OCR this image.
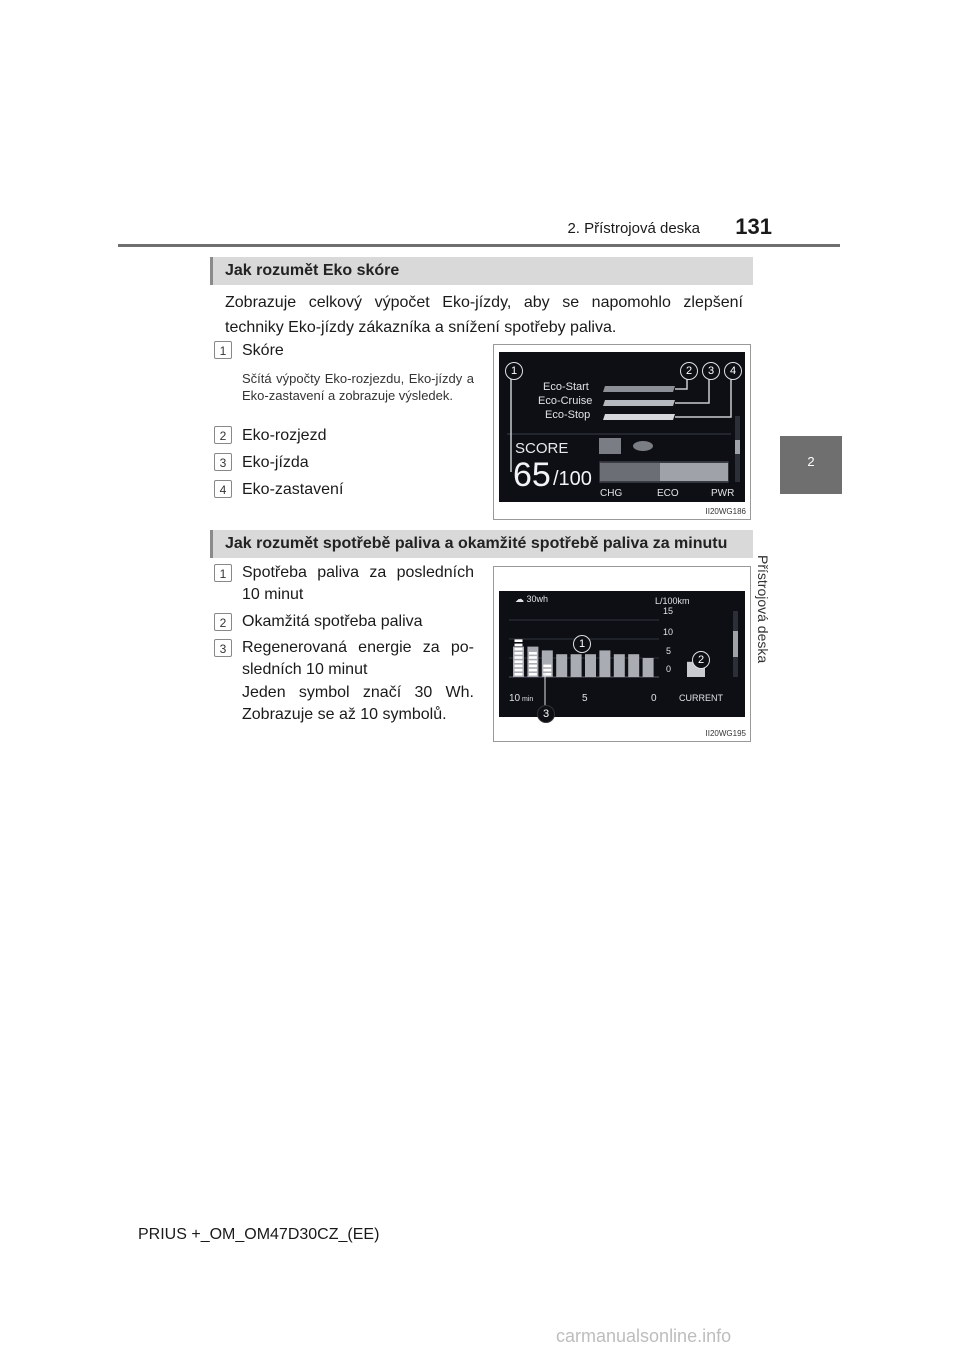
2. Přístrojová deska	131
2
Přístrojová deska
Jak rozumět Eko skóre
Zobrazuje celkový výpočet Eko-jízdy, aby se napomohlo zlepšení techniky Eko-jízdy zákazníka a snížení spotřeby paliva.
1 Skóre
Sčítá výpočty Eko-rozjezdu, Eko-jízdy a Eko-zastavení a zobrazuje výsledek.
2 Eko-rozjezd
3 Eko-jízda
4 Eko-zastavení
Eco-Start
Eco-Cruise
Eco-Stop
SCORE
65 /100
CHG	ECO	PWR
1	2	3	4
II20WG186
Jak rozumět spotřebě paliva a okamžité spotřebě paliva za minutu
1 Spotřeba paliva za posledních
10 minut
2 Okamžitá spotřeba paliva
3 Regenerovaná energie za po-
sledních 10 minut
Jeden symbol značí 30 Wh.
Zobrazuje se až 10 symbolů.
☁ 30wh	L/100km
15
10
5
0
10 min	5	0 CURRENT
1
2
3
II20WG195
PRIUS +_OM_OM47D30CZ_(EE)
carmanualsonline.info
